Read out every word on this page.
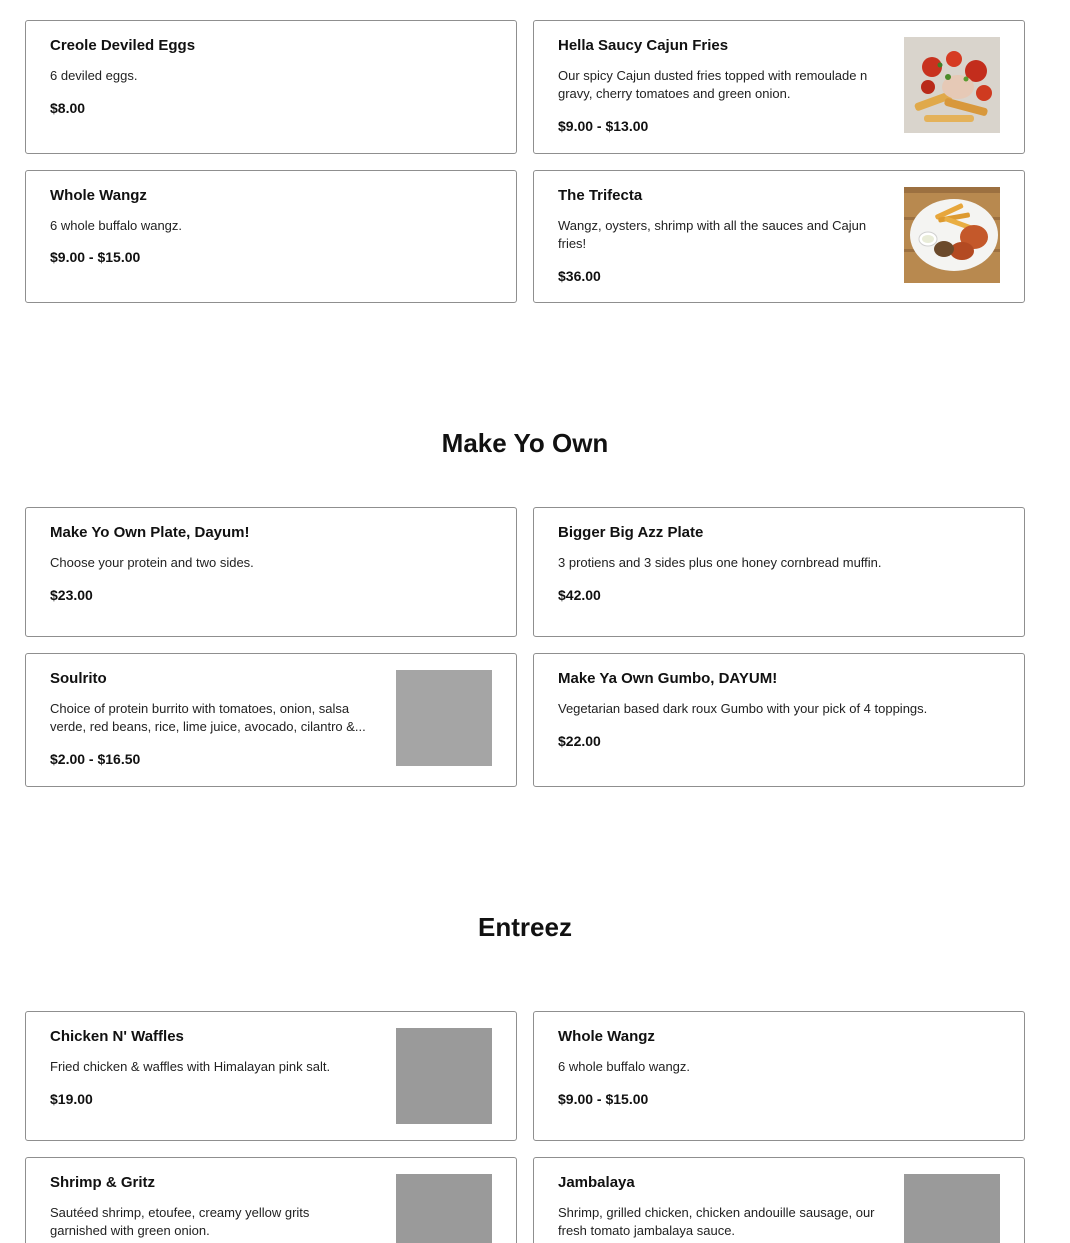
Creole Deviled Eggs
6 deviled eggs.
$8.00
Hella Saucy Cajun Fries
Our spicy Cajun dusted fries topped with remoulade n gravy, cherry tomatoes and green onion.
$9.00 - $13.00
Whole Wangz
6 whole buffalo wangz.
$9.00 - $15.00
The Trifecta
Wangz, oysters, shrimp with all the sauces and Cajun fries!
$36.00
Make Yo Own
Make Yo Own Plate, Dayum!
Choose your protein and two sides.
$23.00
Bigger Big Azz Plate
3 protiens and 3 sides plus one honey cornbread muffin.
$42.00
Soulrito
Choice of protein burrito with tomatoes, onion, salsa verde, red beans, rice, lime juice, avocado, cilantro &...
$2.00 - $16.50
Make Ya Own Gumbo, DAYUM!
Vegetarian based dark roux Gumbo with your pick of 4 toppings.
$22.00
Entreez
Chicken N' Waffles
Fried chicken & waffles with Himalayan pink salt.
$19.00
Whole Wangz
6 whole buffalo wangz.
$9.00 - $15.00
Shrimp & Gritz
Sautéed shrimp, etoufee, creamy yellow grits garnished with green onion.
Jambalaya
Shrimp, grilled chicken, chicken andouille sausage, our fresh tomato jambalaya sauce.
